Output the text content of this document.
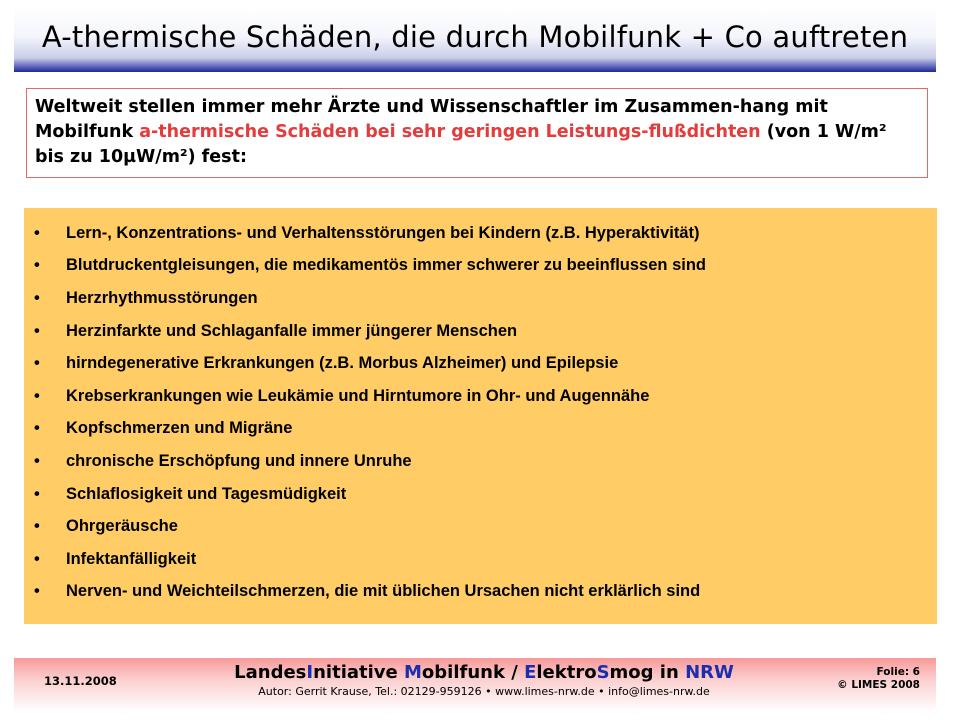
A-thermische Schäden, die durch Mobilfunk + Co auftreten
Weltweit stellen immer mehr Ärzte und Wissenschaftler im Zusammen-hang mit Mobilfunk a-thermische Schäden bei sehr geringen Leistungs-flußdichten (von 1 W/m² bis zu 10µW/m²) fest:
•	Lern-, Konzentrations- und Verhaltensstörungen bei Kindern (z.B. Hyperaktivität)
•	Blutdruckentgleisungen, die medikamentös immer schwerer zu beeinflussen sind
•	Herzrhythmusstörungen
•	Herzinfarkte und Schlaganfalle immer jüngerer Menschen
•	hirndegenerative Erkrankungen (z.B. Morbus Alzheimer) und Epilepsie
•	Krebserkrankungen wie Leukämie und Hirntumore in Ohr- und Augennähe
•	Kopfschmerzen und Migräne
•	chronische Erschöpfung und innere Unruhe
•	Schlaflosigkeit und Tagesmüdigkeit
•	Ohrgeräusche
•	Infektanfälligkeit
•	Nerven- und Weichteilschmerzen, die mit üblichen Ursachen nicht erklärlich sind
13.11.2008	LandesInitiative Mobilfunk / ElektroSmog in NRW
Autor: Gerrit Krause, Tel.: 02129-959126 • www.limes-nrw.de • info@limes-nrw.de
Folie: 6
© LIMES 2008
